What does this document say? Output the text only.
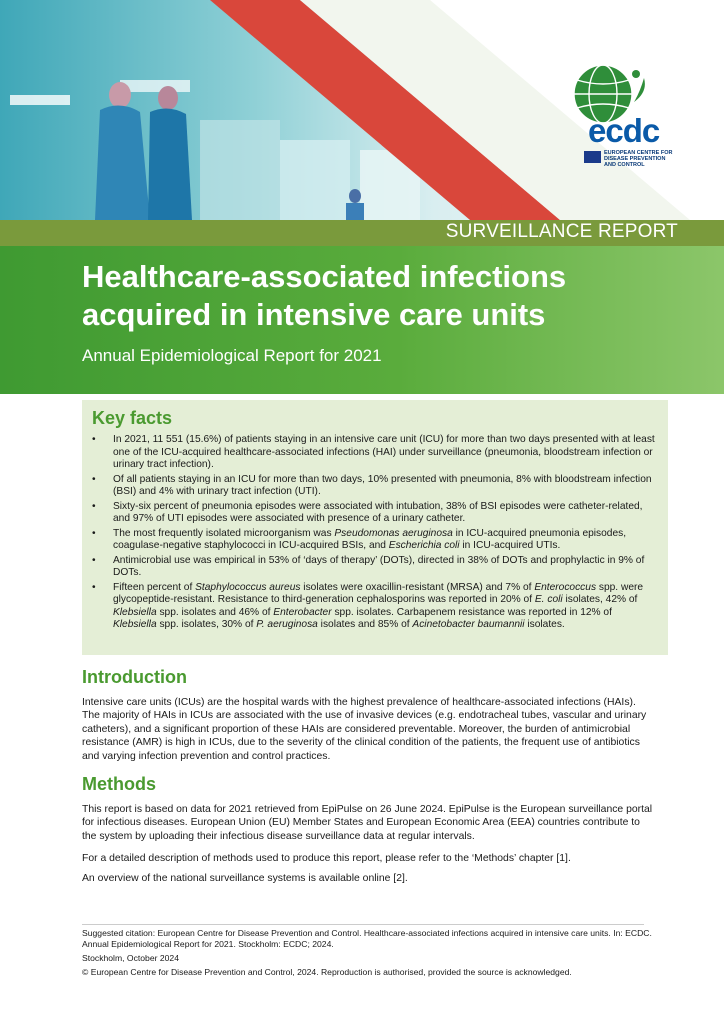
ecdc
EUROPEAN CENTRE FOR
DISEASE PREVENTION
AND CONTROL
SURVEILLANCE REPORT
Healthcare-associated infections
acquired in intensive care units

Annual Epidemiological Report for 2021

Key facts
• In 2021, 11 551 (15.6%) of patients staying in an intensive care unit (ICU) for more than two days presented with at least one of the ICU-acquired healthcare-associated infections (HAI) under surveillance (pneumonia, bloodstream infection or urinary tract infection).
• Of all patients staying in an ICU for more than two days, 10% presented with pneumonia, 8% with bloodstream infection (BSI) and 4% with urinary tract infection (UTI).
• Sixty-six percent of pneumonia episodes were associated with intubation, 38% of BSI episodes were catheter-related, and 97% of UTI episodes were associated with presence of a urinary catheter.
• The most frequently isolated microorganism was Pseudomonas aeruginosa in ICU-acquired pneumonia episodes, coagulase-negative staphylococci in ICU-acquired BSIs, and Escherichia coli in ICU-acquired UTIs.
• Antimicrobial use was empirical in 53% of ‘days of therapy’ (DOTs), directed in 38% of DOTs and prophylactic in 9% of DOTs.
• Fifteen percent of Staphylococcus aureus isolates were oxacillin-resistant (MRSA) and 7% of Enterococcus spp. were glycopeptide-resistant. Resistance to third-generation cephalosporins was reported in 20% of E. coli isolates, 42% of Klebsiella spp. isolates and 46% of Enterobacter spp. isolates. Carbapenem resistance was reported in 12% of Klebsiella spp. isolates, 30% of P. aeruginosa isolates and 85% of Acinetobacter baumannii isolates.
Introduction

Intensive care units (ICUs) are the hospital wards with the highest prevalence of healthcare-associated infections (HAIs). The majority of HAIs in ICUs are associated with the use of invasive devices (e.g. endotracheal tubes, vascular and urinary catheters), and a significant proportion of these HAIs are considered preventable. Moreover, the burden of antimicrobial resistance (AMR) is high in ICUs, due to the severity of the clinical condition of the patients, the frequent use of antibiotics and varying infection prevention and control practices.

Methods

This report is based on data for 2021 retrieved from EpiPulse on 26 June 2024. EpiPulse is the European surveillance portal for infectious diseases. European Union (EU) Member States and European Economic Area (EEA) countries contribute to the system by uploading their infectious disease surveillance data at regular intervals.

For a detailed description of methods used to produce this report, please refer to the ‘Methods’ chapter [1].

An overview of the national surveillance systems is available online [2].

Suggested citation: European Centre for Disease Prevention and Control. Healthcare-associated infections acquired in intensive care units. In: ECDC. Annual Epidemiological Report for 2021. Stockholm: ECDC; 2024.

Stockholm, October 2024

© European Centre for Disease Prevention and Control, 2024. Reproduction is authorised, provided the source is acknowledged.
